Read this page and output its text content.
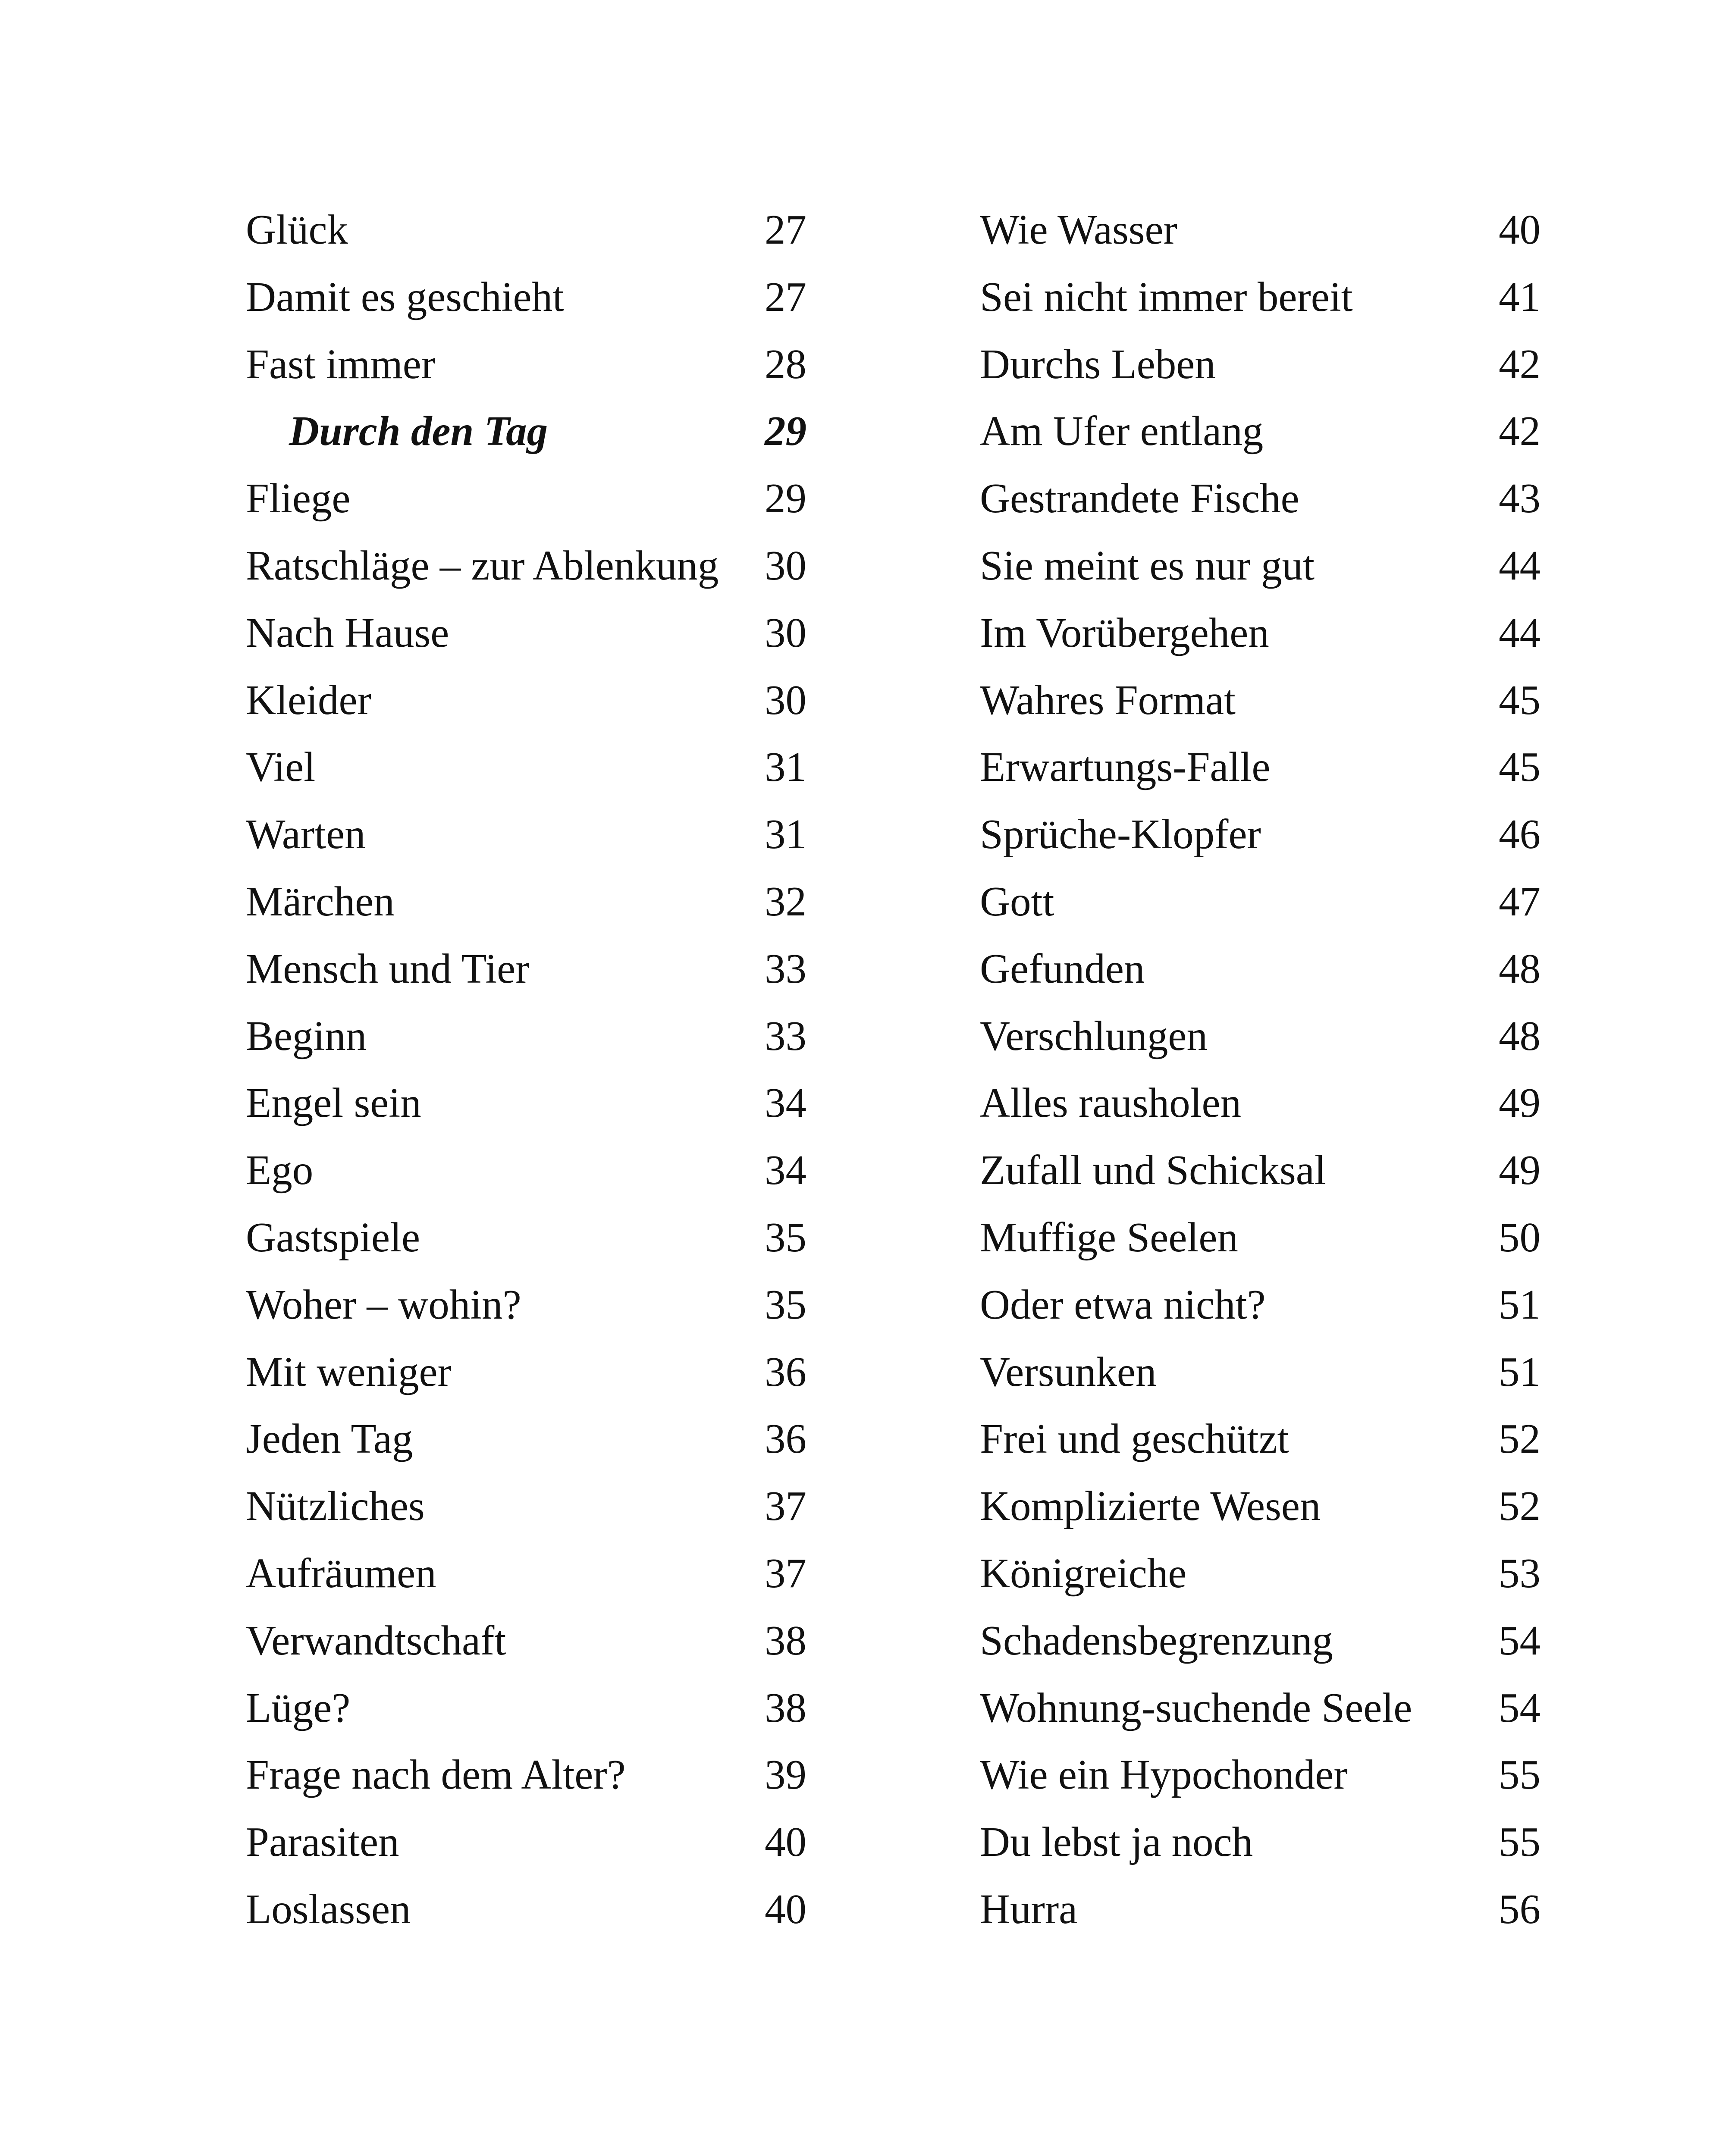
Glück	27
Damit es geschieht	27
Fast immer	28
Durch den Tag	29
Fliege	29
Ratschläge – zur Ablenkung 30
Nach Hause	30
Kleider	30
Viel	31
Warten	31
Märchen	32
Mensch und Tier	33
Beginn	33
Engel sein	34
Ego	34
Gastspiele	35
Woher – wohin?	35
Mit weniger	36
Jeden Tag	36
Nützliches	37
Aufräumen	37
Verwandtschaft	38
Lüge?	38
Frage nach dem Alter?	39
Parasiten	40
Loslassen	40
Wie Wasser	40
Sei nicht immer bereit	41
Durchs Leben	42
Am Ufer entlang	42
Gestrandete Fische	43
Sie meint es nur gut	44
Im Vorübergehen	44
Wahres Format	45
Erwartungs-Falle	45
Sprüche-Klopfer	46
Gott	47
Gefunden	48
Verschlungen	48
Alles rausholen	49
Zufall und Schicksal	49
Muffige Seelen	50
Oder etwa nicht?	51
Versunken	51
Frei und geschützt	52
Komplizierte Wesen	52
Königreiche	53
Schadensbegrenzung	54
Wohnung-suchende Seele 54
Wie ein Hypochonder	55
Du lebst ja noch	55
Hurra	56
